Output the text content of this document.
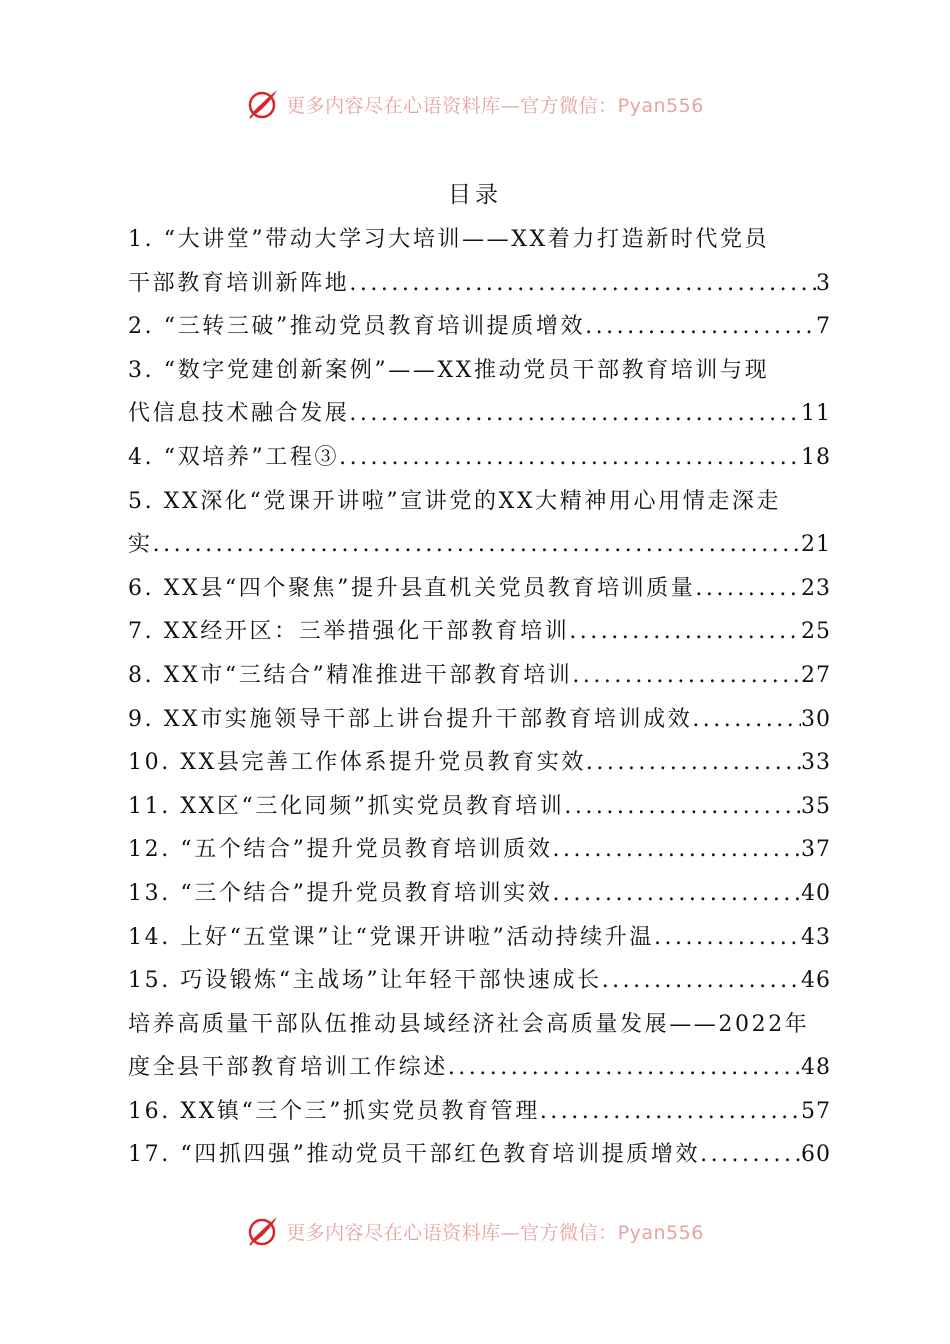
更多内容尽在心语资料库—官方微信：Pyan556
目录
1. “大讲堂”带动大学习大培训——XX着力打造新时代党员
干部教育培训新阵地 .....	3
2. “三转三破”推动党员教育培训提质增效 .....	7
3. “数字党建创新案例”——XX推动党员干部教育培训与现
代信息技术融合发展 .....	11
4. “双培养”工程③ .....	18
5. XX深化“党课开讲啦”宣讲党的XX大精神用心用情走深走
实 .....	21
6. XX县“四个聚焦”提升县直机关党员教育培训质量 .....	23
7. XX经开区：三举措强化干部教育培训 .....	25
8. XX市“三结合”精准推进干部教育培训 .....	27
9. XX市实施领导干部上讲台提升干部教育培训成效 .....	30
10. XX县完善工作体系提升党员教育实效 .....	33
11. XX区“三化同频”抓实党员教育培训 .....	35
12. “五个结合”提升党员教育培训质效 .....	37
13. “三个结合”提升党员教育培训实效 .....	40
14. 上好“五堂课”让“党课开讲啦”活动持续升温 .....	43
15. 巧设锻炼“主战场”让年轻干部快速成长 .....	46
培养高质量干部队伍推动县域经济社会高质量发展——2022年
度全县干部教育培训工作综述 .....	48
16. XX镇“三个三”抓实党员教育管理 .....	57
17. “四抓四强”推动党员干部红色教育培训提质增效 .....	60
更多内容尽在心语资料库—官方微信：Pyan556
